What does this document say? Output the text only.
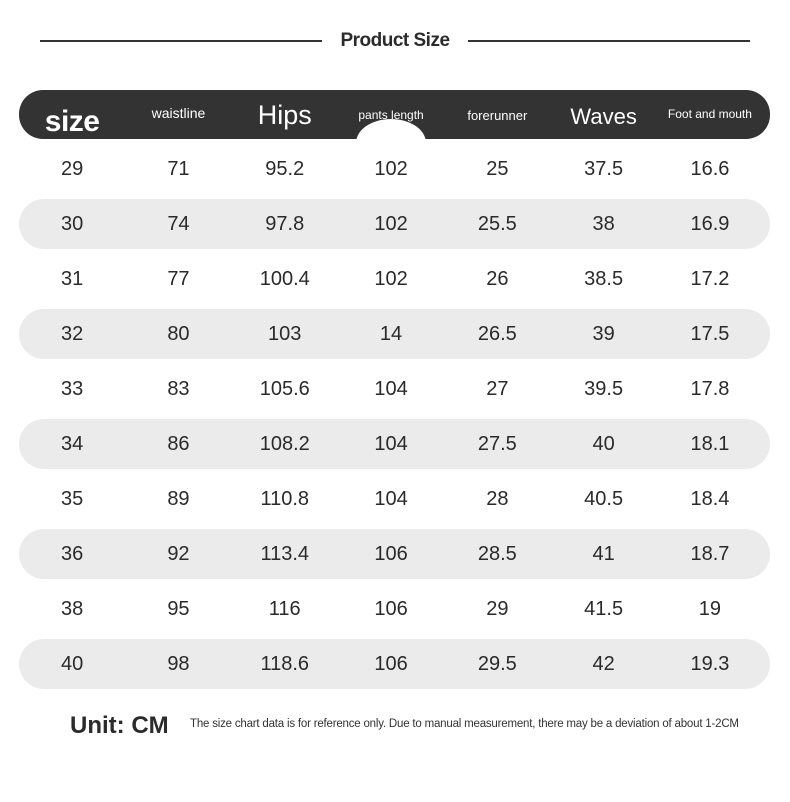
Product Size
size	waistline	Hips	pants length	forerunner	Waves	Foot and mouth
29	71	95.2	102	25	37.5	16.6
30	74	97.8	102	25.5	38	16.9
31	77	100.4	102	26	38.5	17.2
32	80	103	14	26.5	39	17.5
33	83	105.6	104	27	39.5	17.8
34	86	108.2	104	27.5	40	18.1
35	89	110.8	104	28	40.5	18.4
36	92	113.4	106	28.5	41	18.7
38	95	116	106	29	41.5	19
40	98	118.6	106	29.5	42	19.3
Unit: CM The size chart data is for reference only. Due to manual measurement, there may be a deviation of about 1-2CM
